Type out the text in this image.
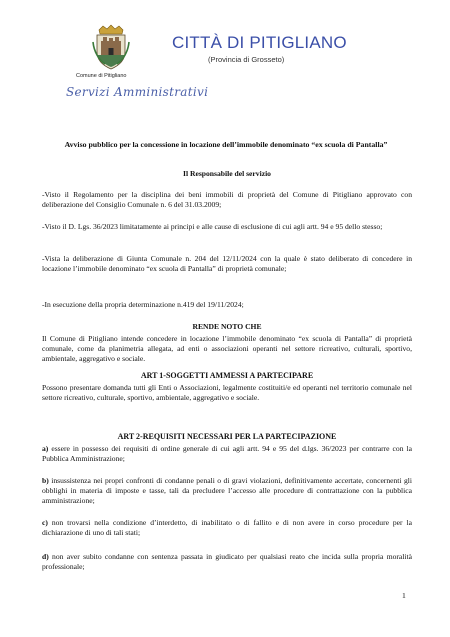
Comune di Pitigliano
Servizi Amministrativi
CITTÀ DI PITIGLIANO
(Provincia di Grosseto)
Avviso pubblico per la concessione in locazione dell’immobile denominato “ex scuola di Pantalla”

Il Responsabile del servizio

-Visto il Regolamento per la disciplina dei beni immobili di proprietà del Comune di Pitigliano approvato con deliberazione del Consiglio Comunale n. 6 del 31.03.2009;

-Visto il D. Lgs. 36/2023 limitatamente ai principi e alle cause di esclusione di cui agli artt. 94 e 95 dello stesso;

-Vista la deliberazione di Giunta Comunale n. 204 del 12/11/2024 con la quale è stato deliberato di concedere in locazione l’immobile denominato “ex scuola di Pantalla” di proprietà comunale;

-In esecuzione della propria determinazione n.419 del 19/11/2024;

RENDE NOTO CHE

Il Comune di Pitigliano intende concedere in locazione l’immobile denominato “ex scuola di Pantalla” di proprietà comunale, come da planimetria allegata, ad enti o associazioni operanti nel settore ricreativo, culturali, sportivo, ambientale, aggregativo e sociale.

ART 1-SOGGETTI AMMESSI A PARTECIPARE

Possono presentare domanda tutti gli Enti o Associazioni, legalmente costituiti/e ed operanti nel territorio comunale nel settore ricreativo, culturale, sportivo, ambientale, aggregativo e sociale.

ART 2-REQUISITI NECESSARI PER LA PARTECIPAZIONE

a) essere in possesso dei requisiti di ordine generale di cui agli artt. 94 e 95 del d.lgs. 36/2023 per contrarre con la Pubblica Amministrazione;

b) insussistenza nei propri confronti di condanne penali o di gravi violazioni, definitivamente accertate, concernenti gli obblighi in materia di imposte e tasse, tali da precludere l’accesso alle procedure di contrattazione con la pubblica amministrazione;

c) non trovarsi nella condizione d’interdetto, di inabilitato o di fallito e di non avere in corso procedure per la dichiarazione di uno di tali stati;

d) non aver subito condanne con sentenza passata in giudicato per qualsiasi reato che incida sulla propria moralità professionale;

1
